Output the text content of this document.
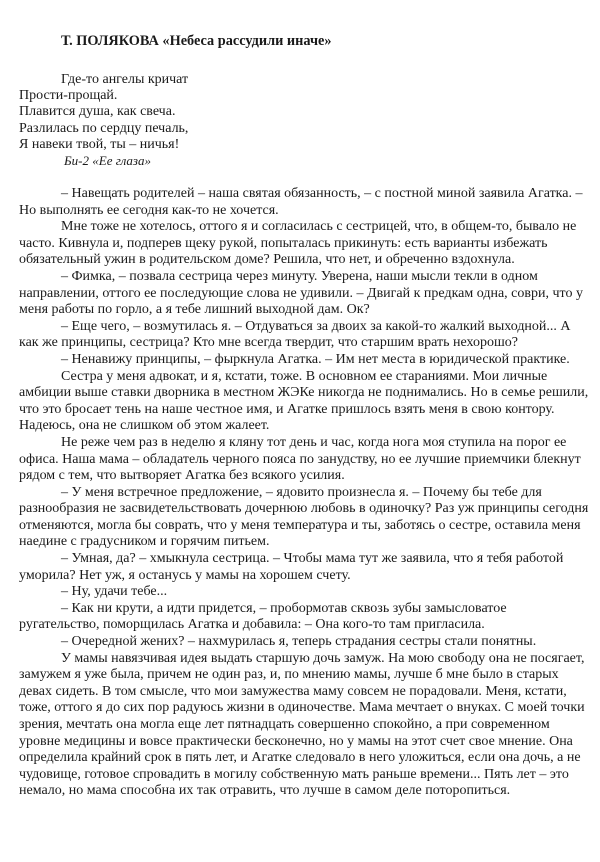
Т. ПОЛЯКОВА «Небеса рассудили иначе»
Где-то ангелы кричат
Прости-прощай.
Плавится душа, как свеча.
Разлилась по сердцу печаль,
Я навеки твой, ты – ничья!
Би-2 «Ее глаза»

– Навещать родителей – наша святая обязанность, – с постной миной заявила Агатка. – Но выполнять ее сегодня как-то не хочется.

Мне тоже не хотелось, оттого я и согласилась с сестрицей, что, в общем-то, бывало не часто. Кивнула и, подперев щеку рукой, попыталась прикинуть: есть варианты избежать обязательный ужин в родительском доме? Решила, что нет, и обреченно вздохнула.

– Фимка, – позвала сестрица через минуту. Уверена, наши мысли текли в одном направлении, оттого ее последующие слова не удивили. – Двигай к предкам одна, соври, что у меня работы по горло, а я тебе лишний выходной дам. Ок?

– Еще чего, – возмутилась я. – Отдуваться за двоих за какой-то жалкий выходной... А как же принципы, сестрица? Кто мне всегда твердит, что старшим врать нехорошо?

– Ненавижу принципы, – фыркнула Агатка. – Им нет места в юридической практике.

Сестра у меня адвокат, и я, кстати, тоже. В основном ее стараниями. Мои личные амбиции выше ставки дворника в местном ЖЭКе никогда не поднимались. Но в семье решили, что это бросает тень на наше честное имя, и Агатке пришлось взять меня в свою контору. Надеюсь, она не слишком об этом жалеет.

Не реже чем раз в неделю я кляну тот день и час, когда нога моя ступила на порог ее офиса. Наша мама – обладатель черного пояса по занудству, но ее лучшие приемчики блекнут рядом с тем, что вытворяет Агатка без всякого усилия.

– У меня встречное предложение, – ядовито произнесла я. – Почему бы тебе для разнообразия не засвидетельствовать дочернюю любовь в одиночку? Раз уж принципы сегодня отменяются, могла бы соврать, что у меня температура и ты, заботясь о сестре, оставила меня наедине с градусником и горячим питьем.

– Умная, да? – хмыкнула сестрица. – Чтобы мама тут же заявила, что я тебя работой уморила? Нет уж, я останусь у мамы на хорошем счету.

– Ну, удачи тебе...

– Как ни крути, а идти придется, – пробормотав сквозь зубы замысловатое ругательство, поморщилась Агатка и добавила: – Она кого-то там пригласила.

– Очередной жених? – нахмурилась я, теперь страдания сестры стали понятны.

У мамы навязчивая идея выдать старшую дочь замуж. На мою свободу она не посягает, замужем я уже была, причем не один раз, и, по мнению мамы, лучше б мне было в старых девах сидеть. В том смысле, что мои замужества маму совсем не порадовали. Меня, кстати, тоже, оттого я до сих пор радуюсь жизни в одиночестве. Мама мечтает о внуках. С моей точки зрения, мечтать она могла еще лет пятнадцать совершенно спокойно, а при современном уровне медицины и вовсе практически бесконечно, но у мамы на этот счет свое мнение. Она определила крайний срок в пять лет, и Агатке следовало в него уложиться, если она дочь, а не чудовище, готовое спровадить в могилу собственную мать раньше времени... Пять лет – это немало, но мама способна их так отравить, что лучше в самом деле поторопиться.
